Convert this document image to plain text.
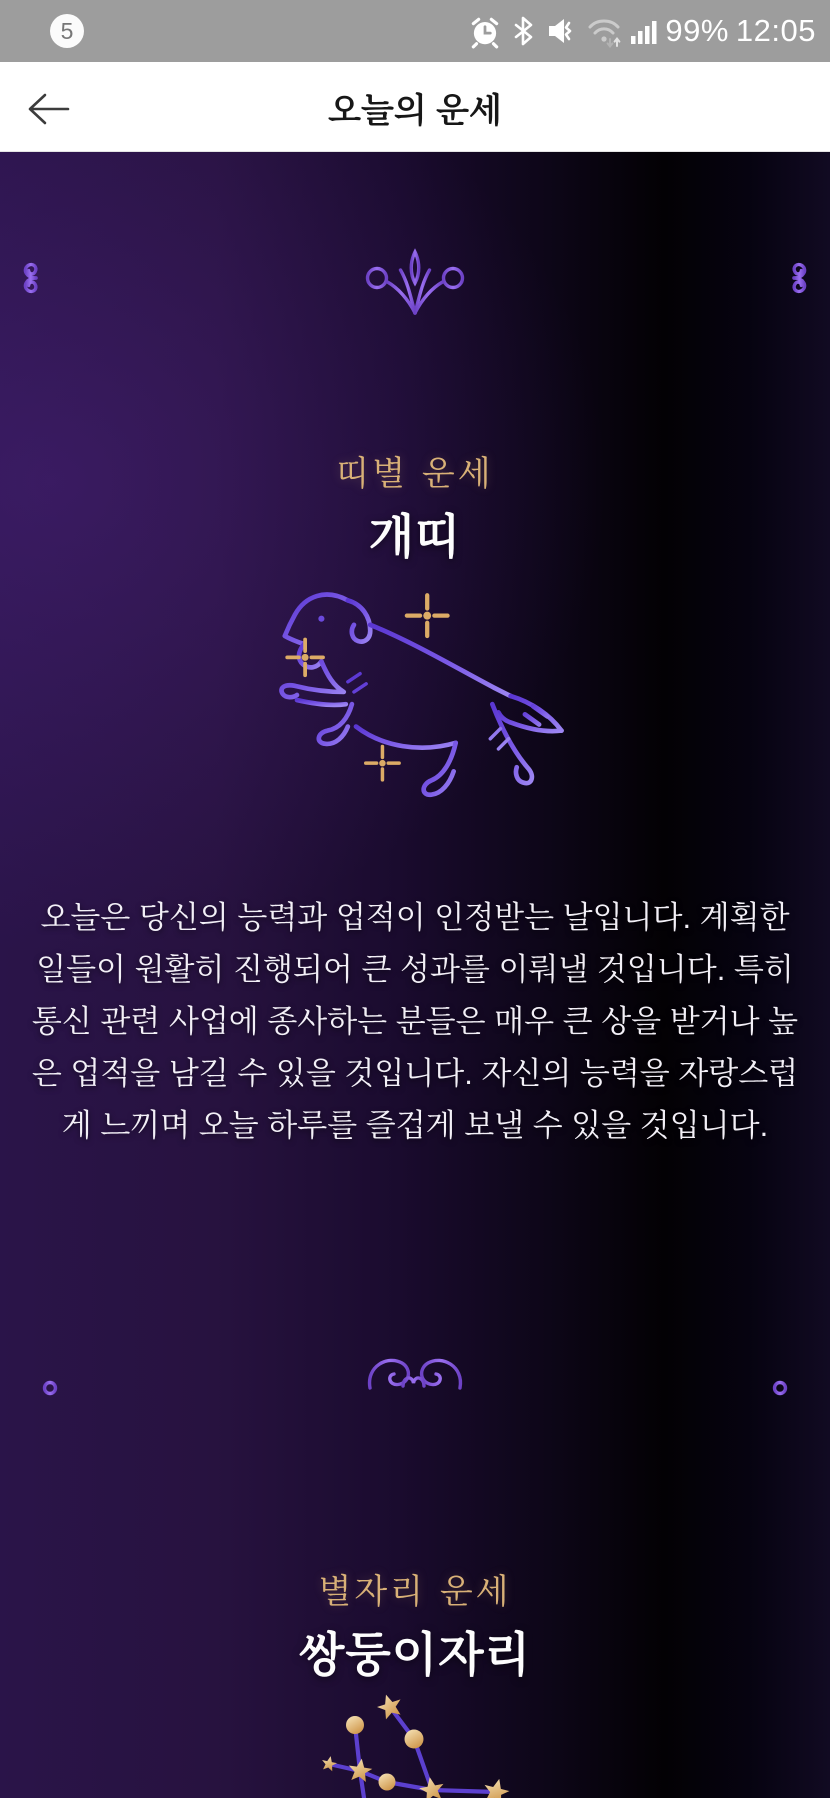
5	99% 12:05
오늘의 운세
띠별 운세
개띠

오늘은 당신의 능력과 업적이 인정받는 날입니다. 계획한 일들이 원활히 진행되어 큰 성과를 이뤄낼 것입니다. 특히 통신 관련 사업에 종사하는 분들은 매우 큰 상을 받거나 높은 업적을 남길 수 있을 것입니다. 자신의 능력을 자랑스럽게 느끼며 오늘 하루를 즐겁게 보낼 수 있을 것입니다.

별자리 운세
쌍둥이자리
